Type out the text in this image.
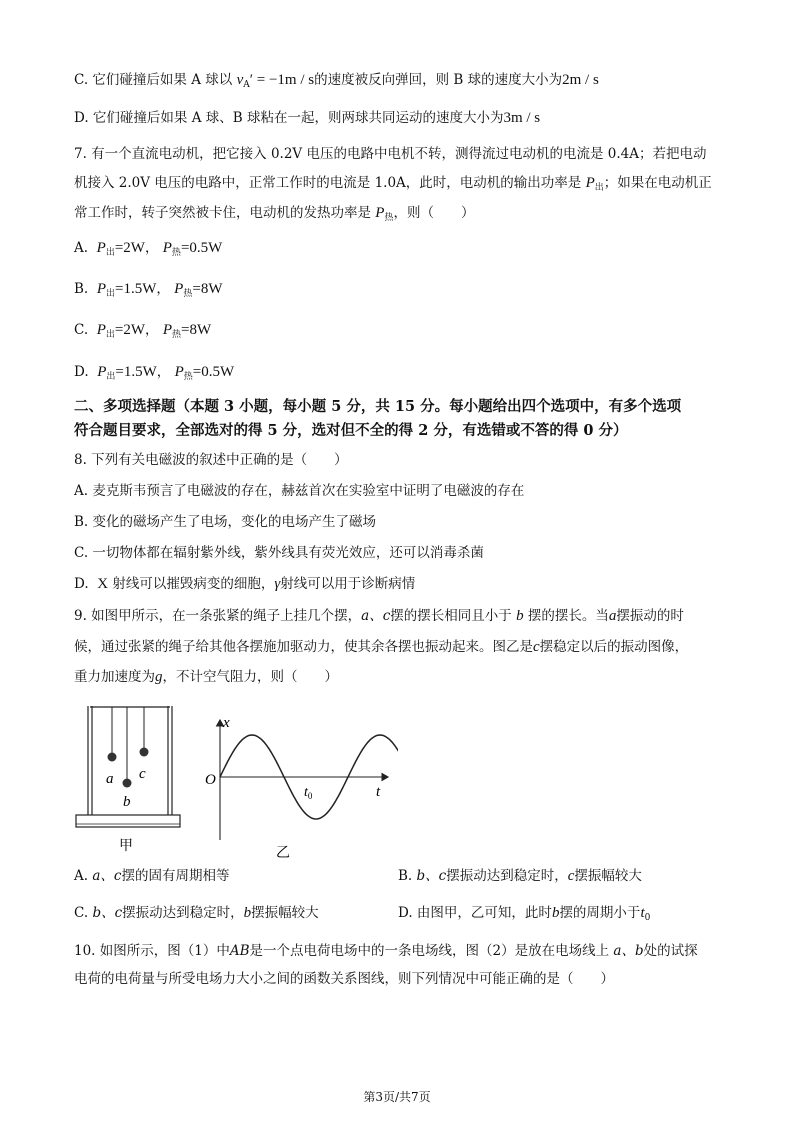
C. 它们碰撞后如果 A 球以 $v_A' = -1m / s$的速度被反向弹回，则 B 球的速度大小为2m / s
D. 它们碰撞后如果 A 球、B 球粘在一起，则两球共同运动的速度大小为3m / s
7. 有一个直流电动机，把它接入 0.2V 电压的电路中电机不转，测得流过电动机的电流是 0.4A；若把电动
机接入 2.0V 电压的电路中，正常工作时的电流是 1.0A，此时，电动机的输出功率是 $P_出$；如果在电动机正
常工作时，转子突然被卡住，电动机的发热功率是 $P_热$，则（　　）
A. $P_出=2W$， $P_热=0.5W$
B. $P_出=1.5W$， $P_热=8W$
C. $P_出=2W$， $P_热=8W$
D. $P_出=1.5W$， $P_热=0.5W$
二、多项选择题（本题 3 小题，每小题 5 分，共 15 分。每小题给出四个选项中，有多个选项
符合题目要求，全部选对的得 5 分，选对但不全的得 2 分，有选错或不答的得 0 分）
8. 下列有关电磁波的叙述中正确的是（　　）
A. 麦克斯韦预言了电磁波的存在，赫兹首次在实验室中证明了电磁波的存在
B. 变化的磁场产生了电场，变化的电场产生了磁场
C. 一切物体都在辐射紫外线，紫外线具有荧光效应，还可以消毒杀菌
D. X 射线可以摧毁病变的细胞，γ射线可以用于诊断病情
9. 如图甲所示，在一条张紧的绳子上挂几个摆，a、c摆的摆长相同且小于 b 摆的摆长。当a摆振动的时
候，通过张紧的绳子给其他各摆施加驱动力，使其余各摆也振动起来。图乙是c摆稳定以后的振动图像，
重力加速度为g，不计空气阻力，则（　　）
a
b
c
甲
x
O
$t_0$	t
乙
A. a、c摆的固有周期相等	B. b、c摆振动达到稳定时，c摆振幅较大
C. b、c摆振动达到稳定时，b摆振幅较大	D. 由图甲，乙可知，此时b摆的周期小于$t_0$
10. 如图所示，图（1）中AB是一个点电荷电场中的一条电场线，图（2）是放在电场线上 a、b处的试探
电荷的电荷量与所受电场力大小之间的函数关系图线，则下列情况中可能正确的是（　　）
第3页/共7页
